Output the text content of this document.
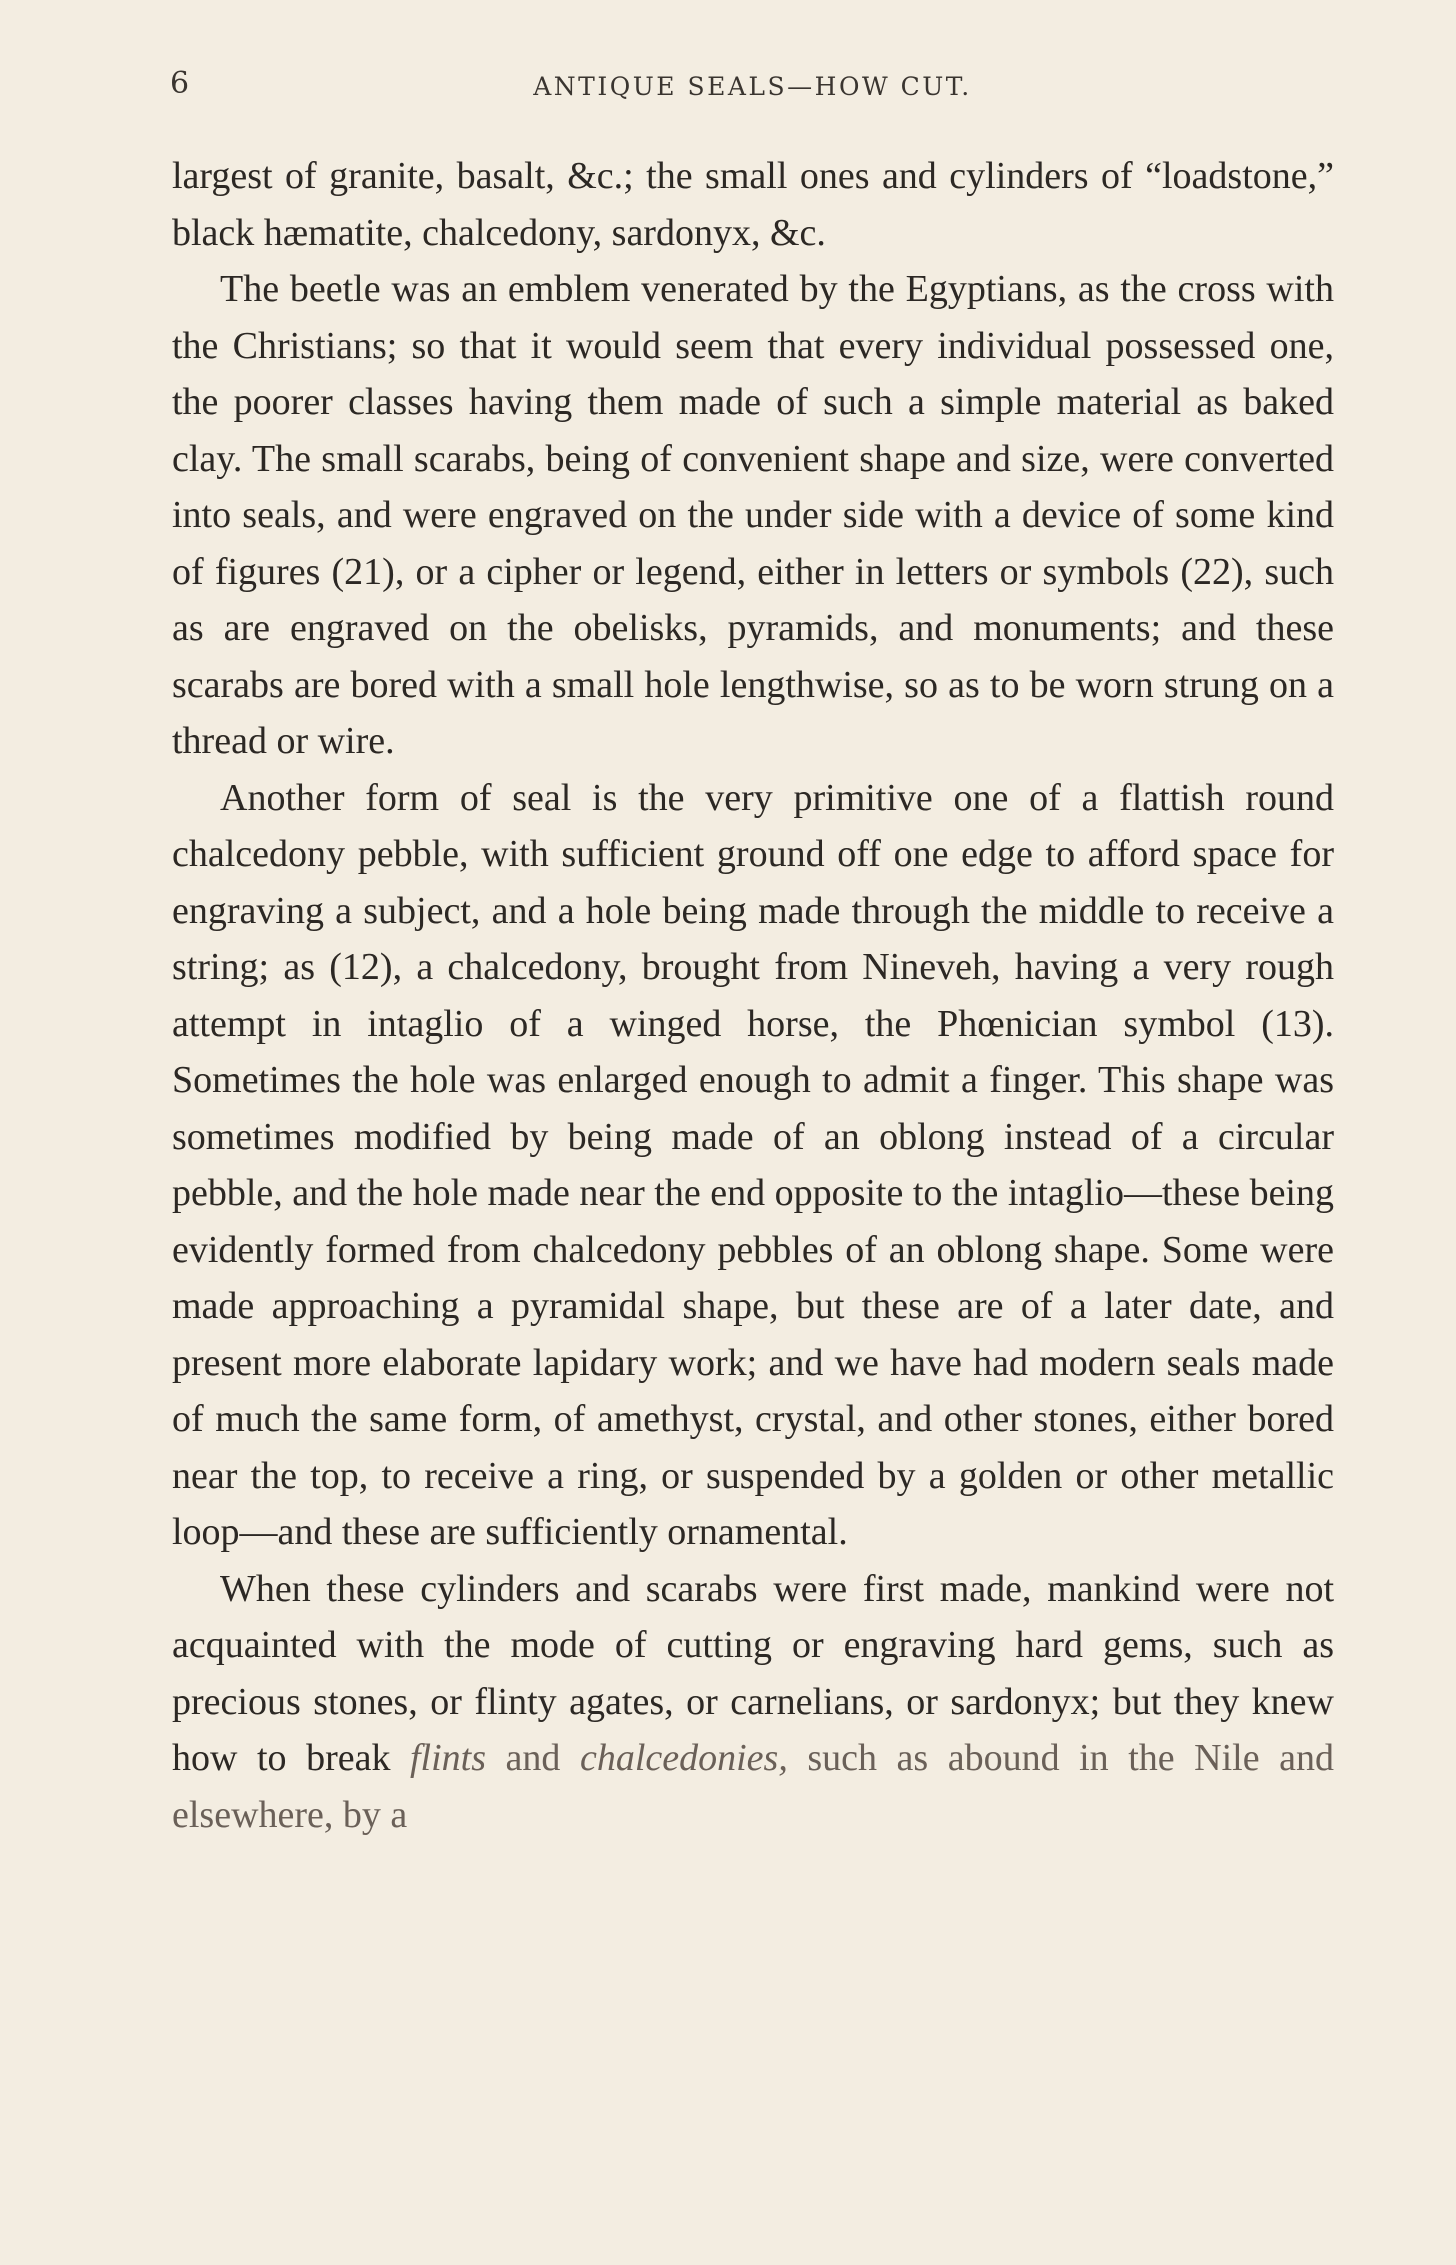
6	ANTIQUE SEALS—HOW CUT.

largest of granite, basalt, &c.; the small ones and cylinders of “loadstone,” black hæmatite, chalcedony, sardonyx, &c.

The beetle was an emblem venerated by the Egyptians, as the cross with the Christians; so that it would seem that every individual possessed one, the poorer classes having them made of such a simple material as baked clay. The small scarabs, being of convenient shape and size, were converted into seals, and were engraved on the under side with a device of some kind of figures (21), or a cipher or legend, either in letters or symbols (22), such as are engraved on the obelisks, pyramids, and monuments; and these scarabs are bored with a small hole lengthwise, so as to be worn strung on a thread or wire.

Another form of seal is the very primitive one of a flattish round chalcedony pebble, with sufficient ground off one edge to afford space for engraving a subject, and a hole being made through the middle to receive a string; as (12), a chalcedony, brought from Nineveh, having a very rough attempt in intaglio of a winged horse, the Phœnician symbol (13). Sometimes the hole was enlarged enough to admit a finger. This shape was sometimes modified by being made of an oblong instead of a circular pebble, and the hole made near the end opposite to the intaglio—these being evidently formed from chalcedony pebbles of an oblong shape. Some were made approaching a pyramidal shape, but these are of a later date, and present more elaborate lapidary work; and we have had modern seals made of much the same form, of amethyst, crystal, and other stones, either bored near the top, to receive a ring, or suspended by a golden or other metallic loop—and these are sufficiently ornamental.

When these cylinders and scarabs were first made, mankind were not acquainted with the mode of cutting or engraving hard gems, such as precious stones, or flinty agates, or carnelians, or sardonyx; but they knew how to break flints and chalcedonies, such as abound in the Nile and elsewhere, by a
